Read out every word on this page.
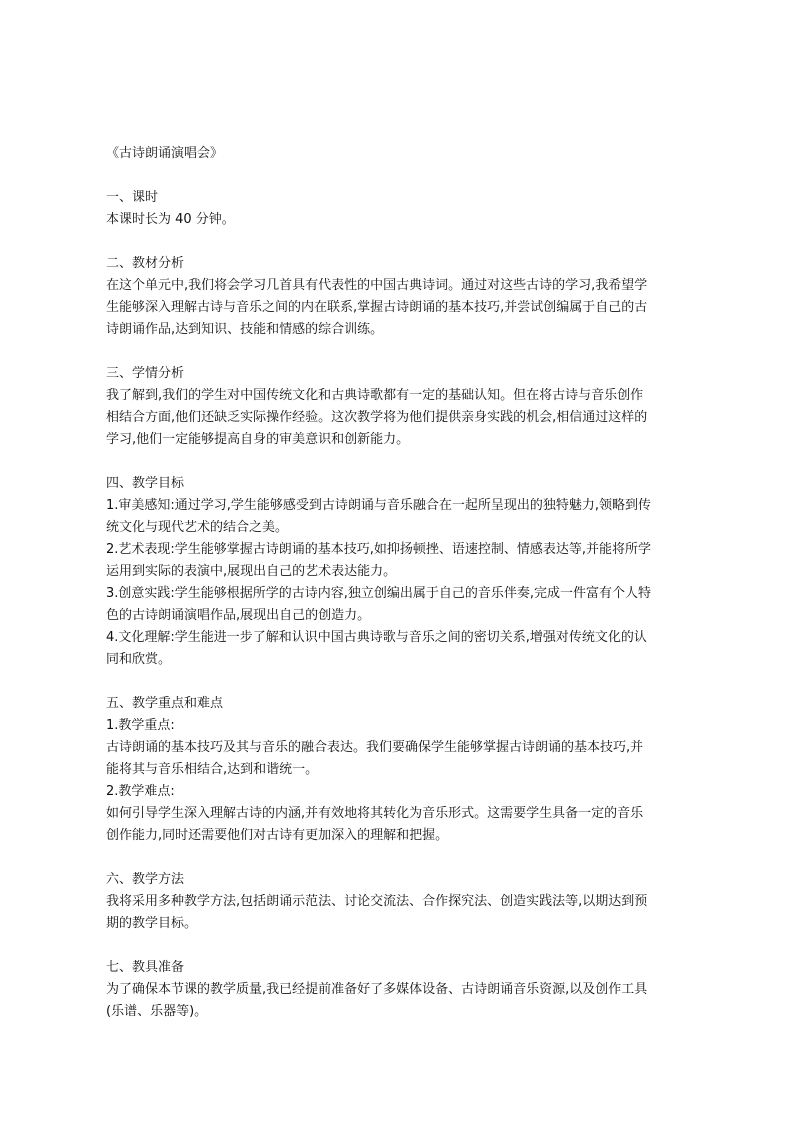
《古诗朗诵演唱会》
一、课时
本课时长为 40 分钟。
二、教材分析
在这个单元中,我们将会学习几首具有代表性的中国古典诗词。通过对这些古诗的学习,我希望学
生能够深入理解古诗与音乐之间的内在联系,掌握古诗朗诵的基本技巧,并尝试创编属于自己的古
诗朗诵作品,达到知识、技能和情感的综合训练。
三、学情分析
我了解到,我们的学生对中国传统文化和古典诗歌都有一定的基础认知。但在将古诗与音乐创作
相结合方面,他们还缺乏实际操作经验。这次教学将为他们提供亲身实践的机会,相信通过这样的
学习,他们一定能够提高自身的审美意识和创新能力。
四、教学目标
1.审美感知:通过学习,学生能够感受到古诗朗诵与音乐融合在一起所呈现出的独特魅力,领略到传
统文化与现代艺术的结合之美。
2.艺术表现:学生能够掌握古诗朗诵的基本技巧,如抑扬顿挫、语速控制、情感表达等,并能将所学
运用到实际的表演中,展现出自己的艺术表达能力。
3.创意实践:学生能够根据所学的古诗内容,独立创编出属于自己的音乐伴奏,完成一件富有个人特
色的古诗朗诵演唱作品,展现出自己的创造力。
4.文化理解:学生能进一步了解和认识中国古典诗歌与音乐之间的密切关系,增强对传统文化的认
同和欣赏。
五、教学重点和难点
1.教学重点:
古诗朗诵的基本技巧及其与音乐的融合表达。我们要确保学生能够掌握古诗朗诵的基本技巧,并
能将其与音乐相结合,达到和谐统一。
2.教学难点:
如何引导学生深入理解古诗的内涵,并有效地将其转化为音乐形式。这需要学生具备一定的音乐
创作能力,同时还需要他们对古诗有更加深入的理解和把握。
六、教学方法
我将采用多种教学方法,包括朗诵示范法、讨论交流法、合作探究法、创造实践法等,以期达到预
期的教学目标。
七、教具准备
为了确保本节课的教学质量,我已经提前准备好了多媒体设备、古诗朗诵音乐资源,以及创作工具
(乐谱、乐器等)。
